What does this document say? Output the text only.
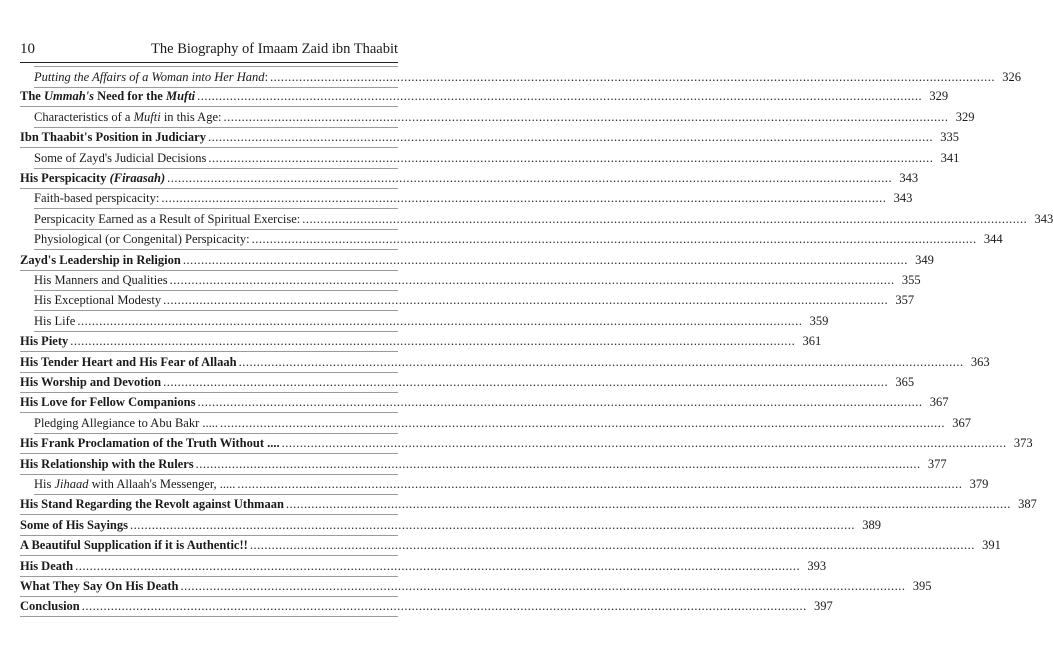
10	The Biography of Imaam Zaid ibn Thaabit
Putting the Affairs of a Woman into Her Hand: ........................................................................................................................................................................................................ 326
The Ummah's Need for the Mufti ........................................................................................................................................................................................................ 329
Characteristics of a Mufti in this Age: ........................................................................................................................................................................................................ 329
Ibn Thaabit's Position in Judiciary ........................................................................................................................................................................................................ 335
Some of Zayd's Judicial Decisions ........................................................................................................................................................................................................ 341
His Perspicacity (Firaasah) ........................................................................................................................................................................................................ 343
Faith-based perspicacity: ........................................................................................................................................................................................................ 343
Perspicacity Earned as a Result of Spiritual Exercise: ........................................................................................................................................................................................................ 343
Physiological (or Congenital) Perspicacity: ........................................................................................................................................................................................................ 344
Zayd's Leadership in Religion ........................................................................................................................................................................................................ 349
His Manners and Qualities ........................................................................................................................................................................................................ 355
His Exceptional Modesty ........................................................................................................................................................................................................ 357
His Life ........................................................................................................................................................................................................ 359
His Piety ........................................................................................................................................................................................................ 361
His Tender Heart and His Fear of Allaah ........................................................................................................................................................................................................ 363
His Worship and Devotion ........................................................................................................................................................................................................ 365
His Love for Fellow Companions ........................................................................................................................................................................................................ 367
Pledging Allegiance to Abu Bakr ..... ........................................................................................................................................................................................................ 367
His Frank Proclamation of the Truth Without .... ........................................................................................................................................................................................................ 373
His Relationship with the Rulers ........................................................................................................................................................................................................ 377
His Jihaad with Allaah's Messenger, ..... ........................................................................................................................................................................................................ 379
His Stand Regarding the Revolt against Uthmaan ........................................................................................................................................................................................................ 387
Some of His Sayings ........................................................................................................................................................................................................ 389
A Beautiful Supplication if it is Authentic!! ........................................................................................................................................................................................................ 391
His Death ........................................................................................................................................................................................................ 393
What They Say On His Death ........................................................................................................................................................................................................ 395
Conclusion ........................................................................................................................................................................................................ 397
